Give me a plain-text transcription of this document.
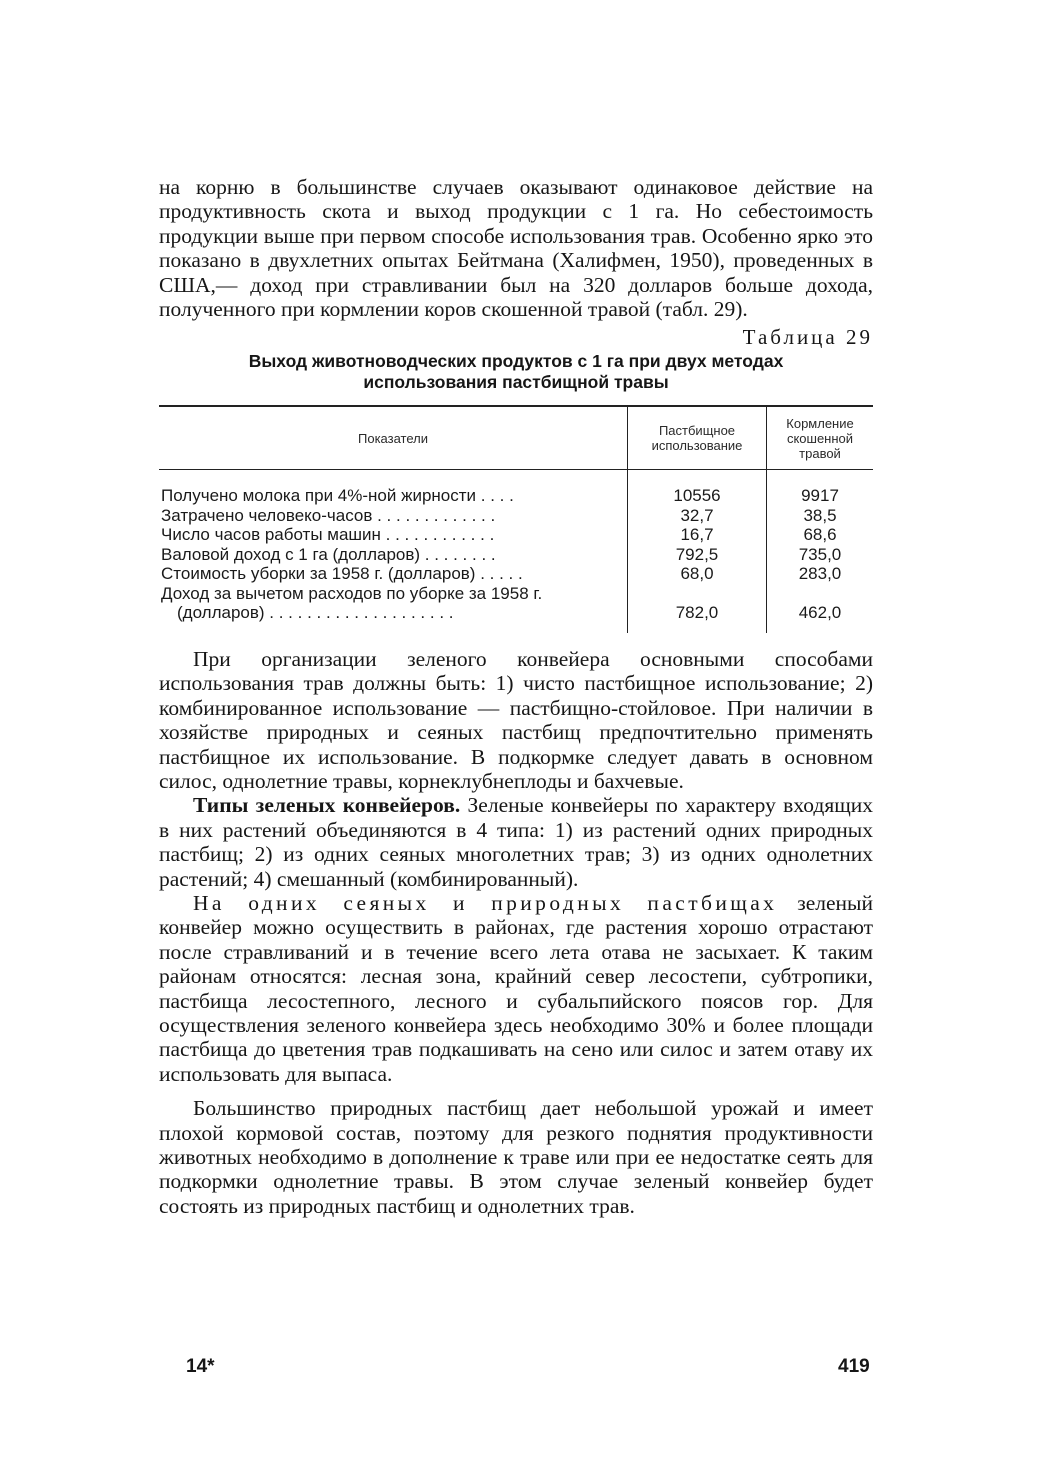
на корню в большинстве случаев оказывают одинаковое действие на продуктивность скота и выход продукции с 1 га. Но себестоимость продукции выше при первом способе использования трав. Особенно ярко это показано в двухлетних опытах Бейтмана (Халифмен, 1950), проведенных в США,— доход при стравливании был на 320 долларов больше дохода, полученного при кормлении коров скошенной травой (табл. 29).

Таблица 29
Выход животноводческих продуктов с 1 га при двух методах
использования пастбищной травы
Показатели	Пастбищное использование	Кормление скошенной травой

Получено молока при 4%-ной жирности . . . .	10556	9917
Затрачено человеко-часов . . . . . . . . . . . . .	32,7	38,5
Число часов работы машин . . . . . . . . . . . .	16,7	68,6
Валовой доход с 1 га (долларов) . . . . . . . .	792,5	735,0
Стоимость уборки за 1958 г. (долларов) . . . . .	68,0	283,0
Доход за вычетом расходов по уборке за 1958 г.		
(долларов) . . . . . . . . . . . . . . . . . . . .	782,0	462,0

При организации зеленого конвейера основными способами использования трав должны быть: 1) чисто пастбищное использование; 2) комбинированное использование — пастбищно-стойловое. При наличии в хозяйстве природных и сеяных пастбищ предпочтительно применять пастбищное их использование. В подкормке следует давать в основном силос, однолетние травы, корнеклубнеплоды и бахчевые.

Типы зеленых конвейеров. Зеленые конвейеры по характеру входящих в них растений объединяются в 4 типа: 1) из растений одних природных пастбищ; 2) из одних сеяных многолетних трав; 3) из одних однолетних растений; 4) смешанный (комбинированный).

На одних сеяных и природных пастбищах зеленый конвейер можно осуществить в районах, где растения хорошо отрастают после стравливаний и в течение всего лета отава не засыхает. К таким районам относятся: лесная зона, крайний север лесостепи, субтропики, пастбища лесостепного, лесного и субальпийского поясов гор. Для осуществления зеленого конвейера здесь необходимо 30% и более площади пастбища до цветения трав подкашивать на сено или силос и затем отаву их использовать для выпаса.

Большинство природных пастбищ дает небольшой урожай и имеет плохой кормовой состав, поэтому для резкого поднятия продуктивности животных необходимо в дополнение к траве или при ее недостатке сеять для подкормки однолетние травы. В этом случае зеленый конвейер будет состоять из природных пастбищ и однолетних трав.

14*	419
